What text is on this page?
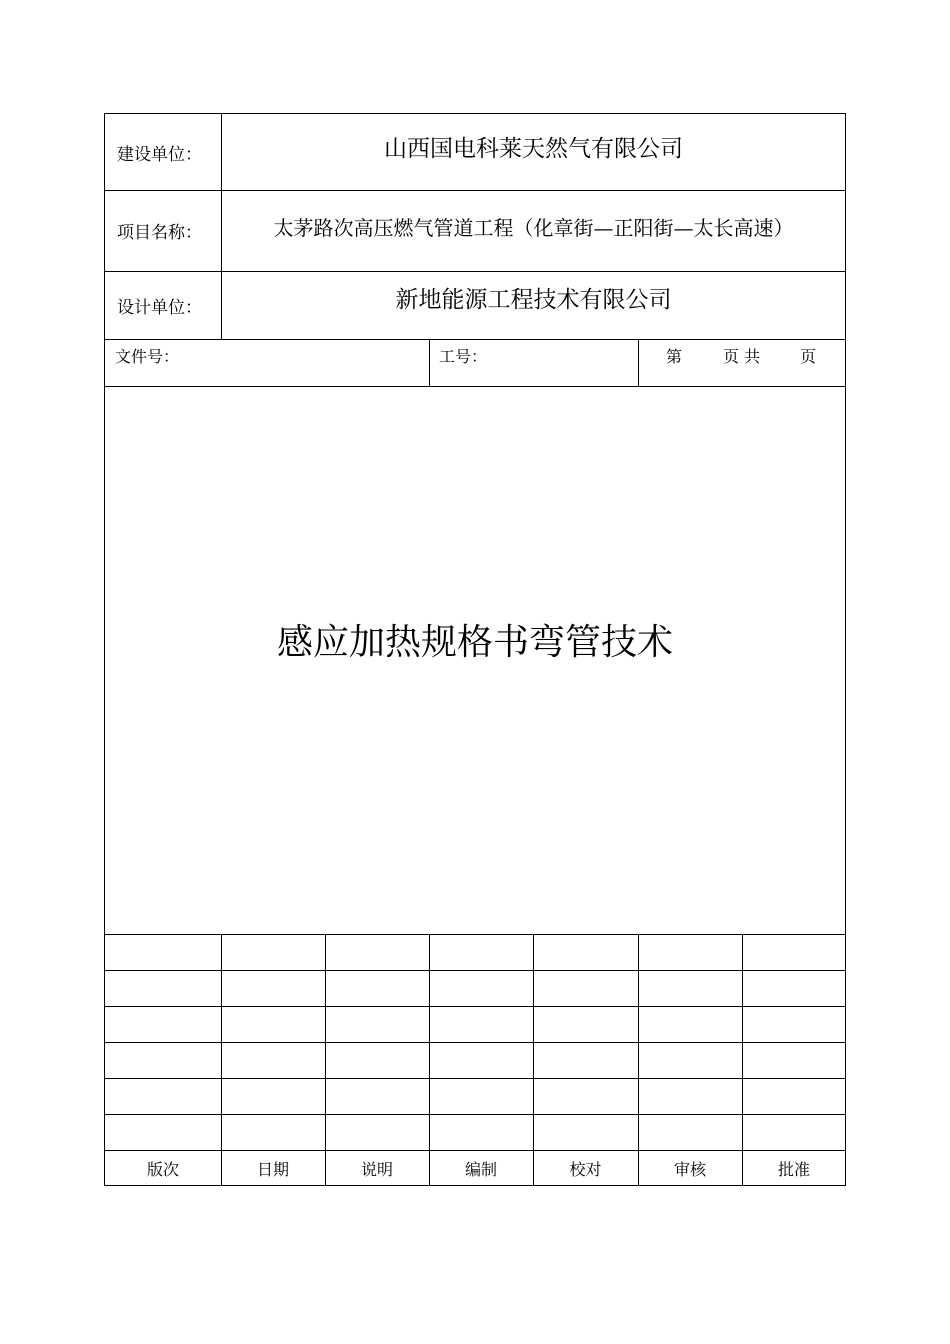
建设单位：	山西国电科莱天然气有限公司
项目名称：	太茅路次高压燃气管道工程（化章街—正阳街—太长高速）
设计单位：	新地能源工程技术有限公司
文件号：	工号：	第	页 共 页
感应加热规格书弯管技术
版次	日期	说明	编制	校对	审核	批准
